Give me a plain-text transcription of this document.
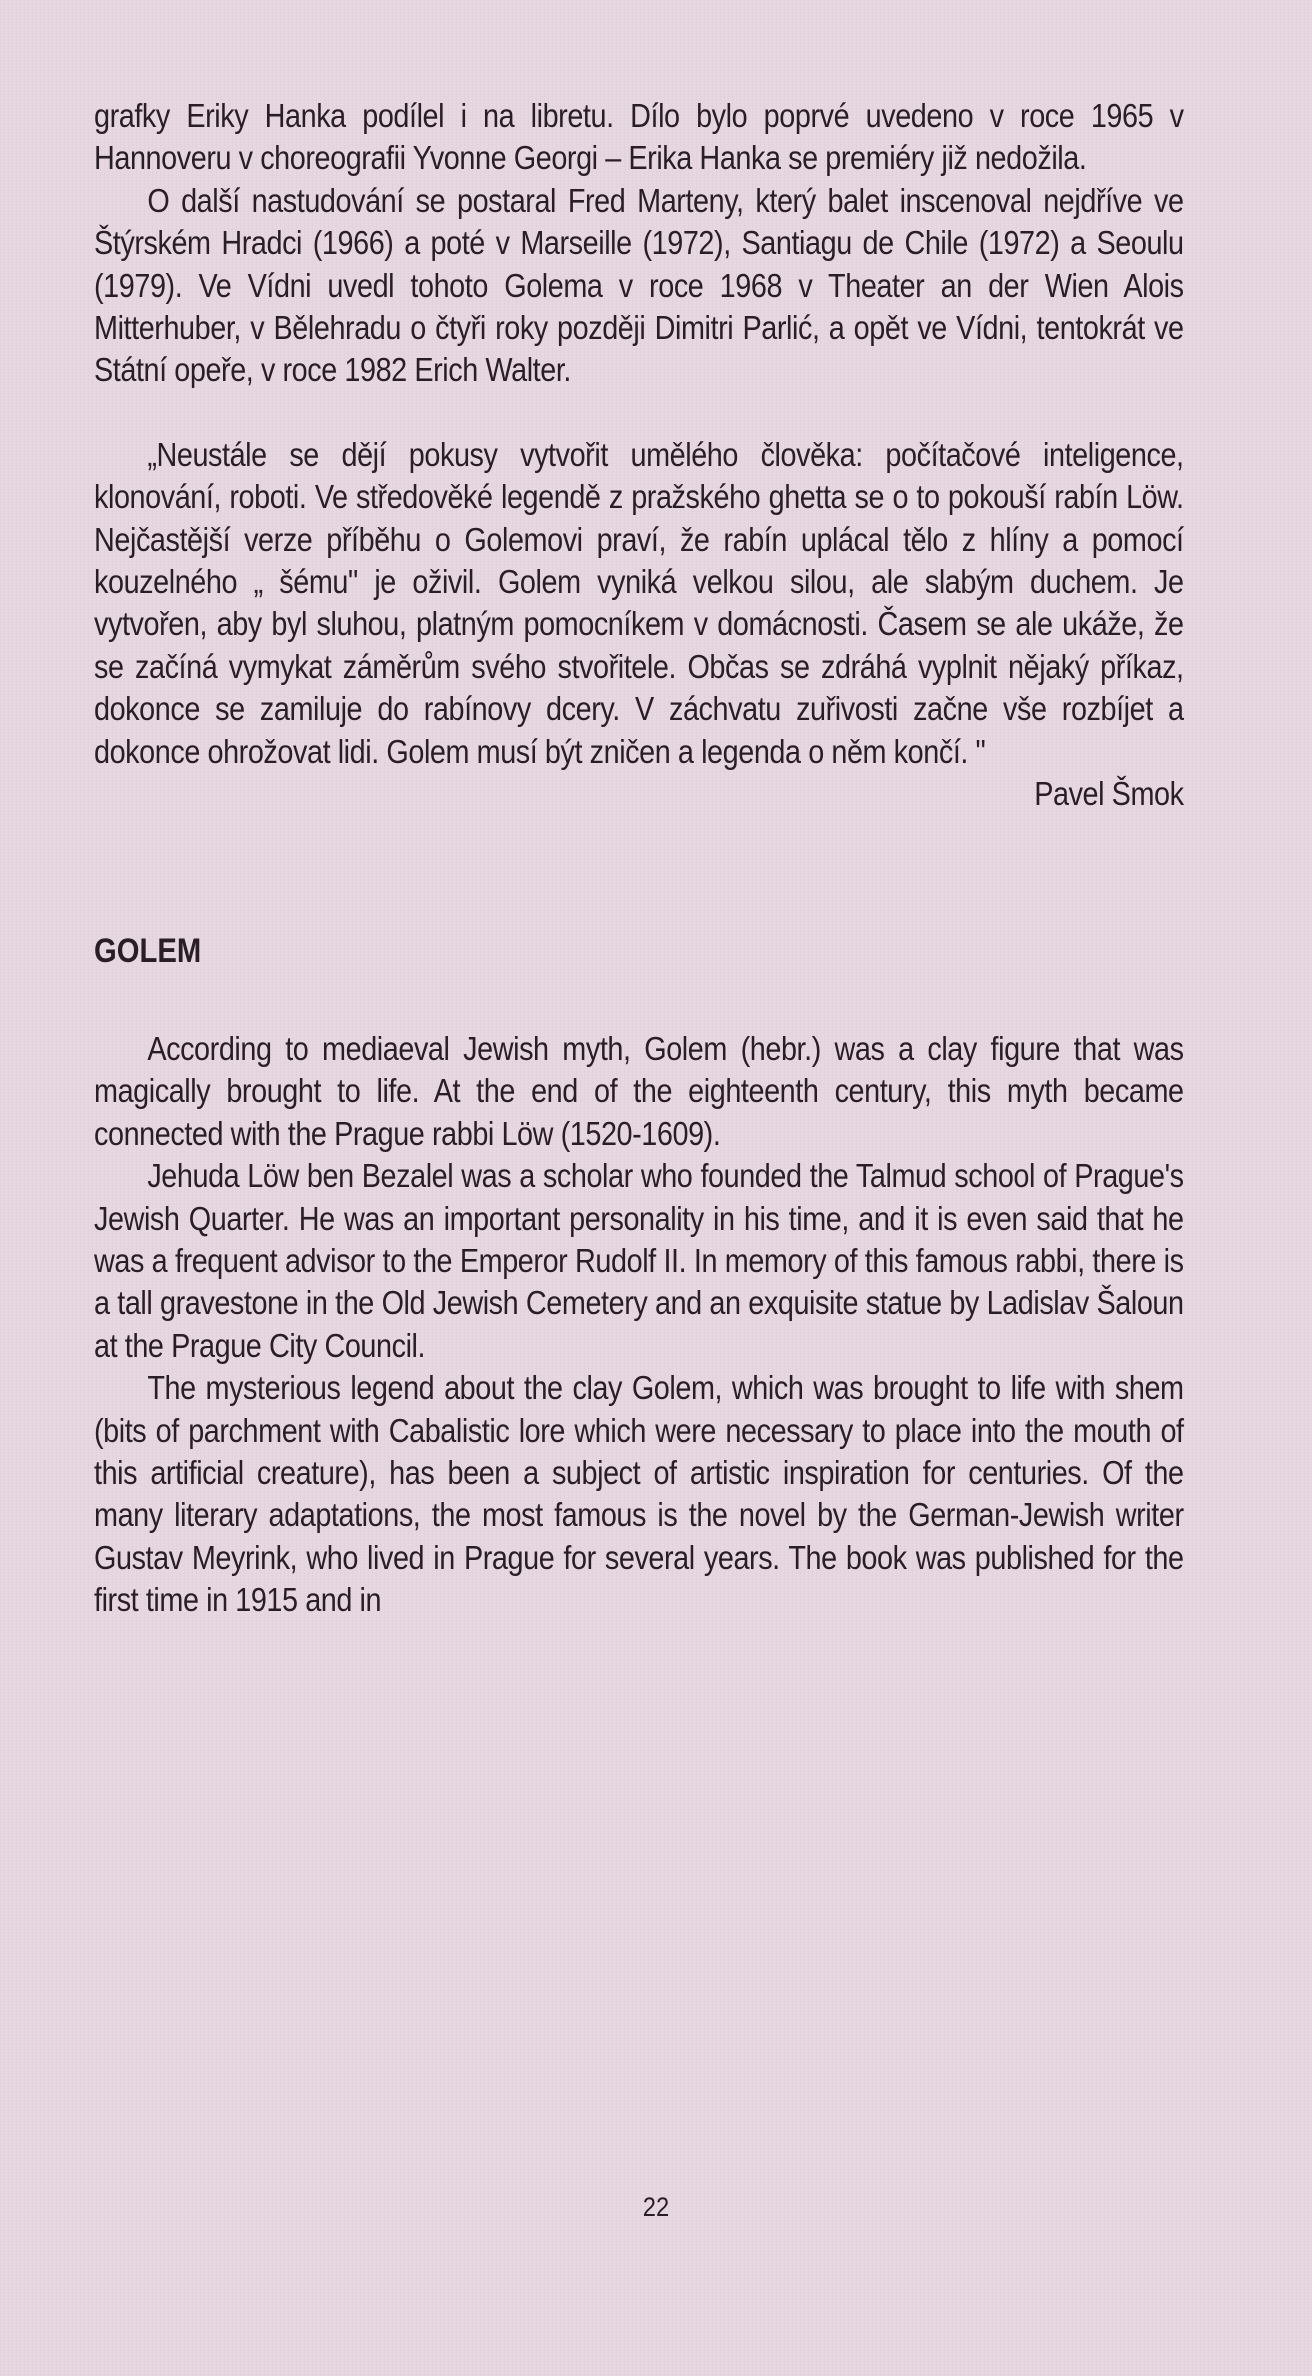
grafky Eriky Hanka podílel i na libretu. Dílo bylo poprvé uvedeno v roce 1965 v Hannoveru v choreografii Yvonne Georgi – Erika Hanka se premiéry již nedožila.

O další nastudování se postaral Fred Marteny, který balet inscenoval nejdříve ve Štýrském Hradci (1966) a poté v Marseille (1972), Santiagu de Chile (1972) a Seoulu (1979). Ve Vídni uvedl tohoto Golema v roce 1968 v Theater an der Wien Alois Mitterhuber, v Bělehradu o čtyři roky později Dimitri Parlić, a opět ve Vídni, tentokrát ve Státní opeře, v roce 1982 Erich Walter.

„Neustále se dějí pokusy vytvořit umělého člověka: počítačové inteligence, klonování, roboti. Ve středověké legendě z pražského ghetta se o to pokouší rabín Löw. Nejčastější verze příběhu o Golemovi praví, že rabín uplácal tělo z hlíny a pomocí kouzelného „ šému" je oživil. Golem vyniká velkou silou, ale slabým duchem. Je vytvořen, aby byl sluhou, platným pomocníkem v domácnosti. Časem se ale ukáže, že se začíná vymykat záměrům svého stvořitele. Občas se zdráhá vyplnit nějaký příkaz, dokonce se zamiluje do rabínovy dcery. V záchvatu zuřivosti začne vše rozbíjet a dokonce ohrožovat lidi. Golem musí být zničen a legenda o něm končí. "

Pavel Šmok

GOLEM

According to mediaeval Jewish myth, Golem (hebr.) was a clay figure that was magically brought to life. At the end of the eighteenth century, this myth became connected with the Prague rabbi Löw (1520-1609).

Jehuda Löw ben Bezalel was a scholar who founded the Talmud school of Prague's Jewish Quarter. He was an important personality in his time, and it is even said that he was a frequent advisor to the Emperor Rudolf II. In memory of this famous rabbi, there is a tall gravestone in the Old Jewish Cemetery and an exquisite statue by Ladislav Šaloun at the Prague City Council.

The mysterious legend about the clay Golem, which was brought to life with shem (bits of parchment with Cabalistic lore which were necessary to place into the mouth of this artificial creature), has been a subject of artistic inspiration for centuries. Of the many literary adaptations, the most famous is the novel by the German-Jewish writer Gustav Meyrink, who lived in Prague for several years. The book was published for the first time in 1915 and in

22
